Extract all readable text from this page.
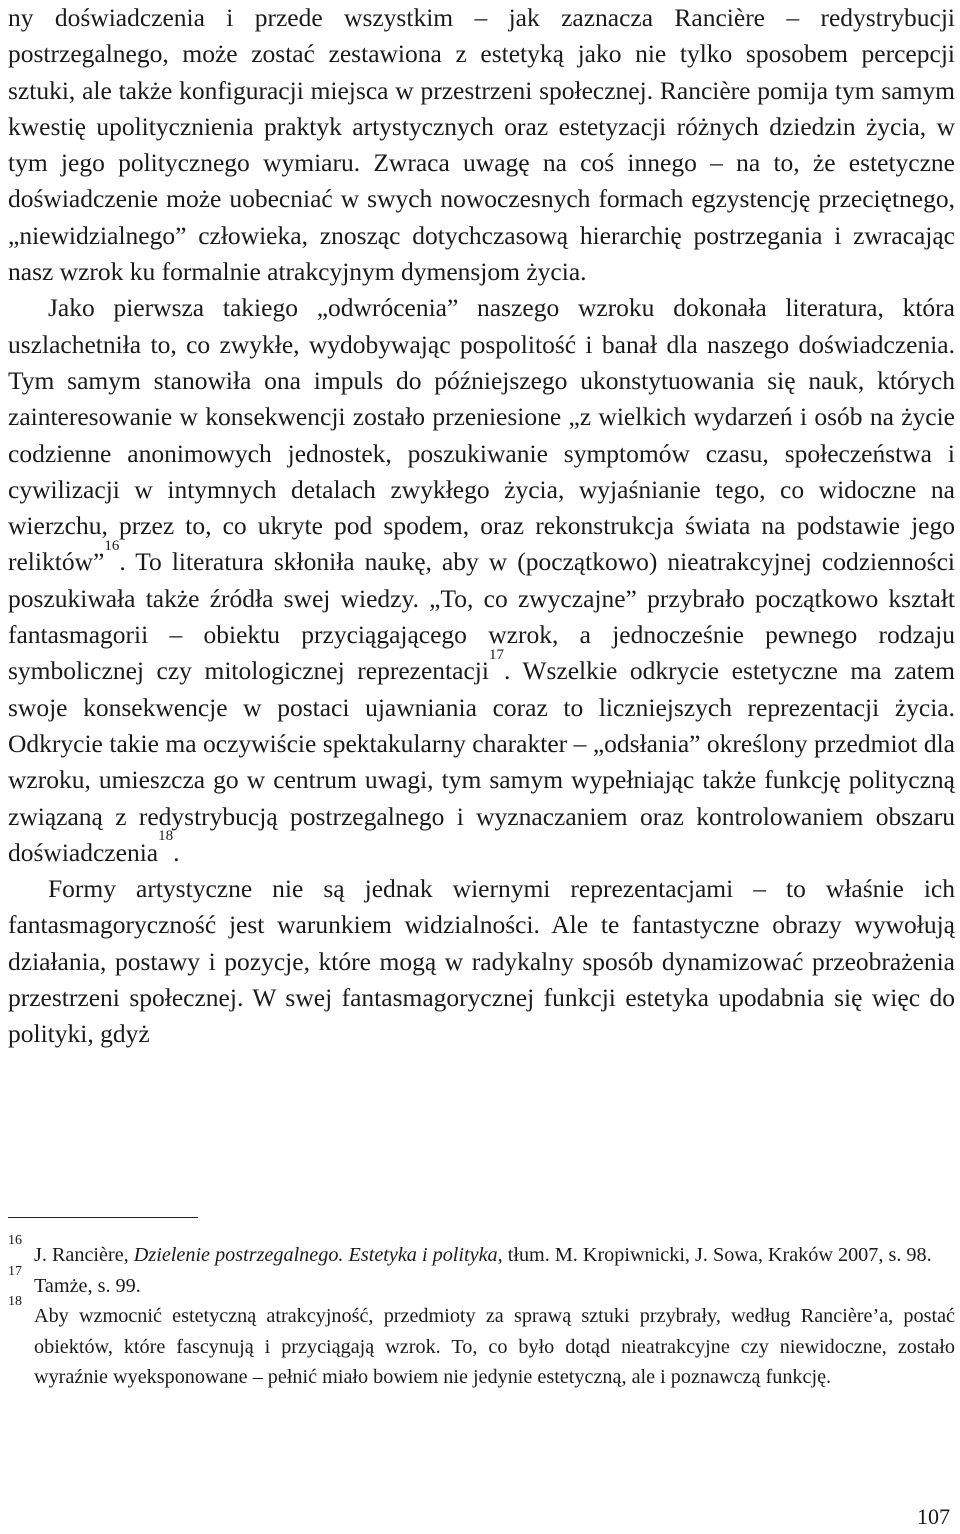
ny doświadczenia i przede wszystkim – jak zaznacza Rancière – redystrybucji postrzegalnego, może zostać zestawiona z estetyką jako nie tylko sposobem percepcji sztuki, ale także konfiguracji miejsca w przestrzeni społecznej. Rancière pomija tym samym kwestię upolitycznienia praktyk artystycznych oraz estetyzacji różnych dziedzin życia, w tym jego politycznego wymiaru. Zwraca uwagę na coś innego – na to, że estetyczne doświadczenie może uobecniać w swych nowoczesnych formach egzystencję przeciętnego, „niewidzialnego” człowieka, znosząc dotychczasową hierarchię postrzegania i zwracając nasz wzrok ku formalnie atrakcyjnym dymensjom życia.

Jako pierwsza takiego „odwrócenia” naszego wzroku dokonała literatura, która uszlachetniła to, co zwykłe, wydobywając pospolitość i banał dla naszego doświadczenia. Tym samym stanowiła ona impuls do późniejszego ukonstytuowania się nauk, których zainteresowanie w konsekwencji zostało przeniesione „z wielkich wydarzeń i osób na życie codzienne anonimowych jednostek, poszukiwanie symptomów czasu, społeczeństwa i cywilizacji w intymnych detalach zwykłego życia, wyjaśnianie tego, co widoczne na wierzchu, przez to, co ukryte pod spodem, oraz rekonstrukcja świata na podstawie jego reliktów”$^{16}$. To literatura skłoniła naukę, aby w (początkowo) nieatrakcyjnej codzienności poszukiwała także źródła swej wiedzy. „To, co zwyczajne” przybrało początkowo kształt fantasmagorii – obiektu przyciągającego wzrok, a jednocześnie pewnego rodzaju symbolicznej czy mitologicznej reprezentacji$^{17}$. Wszelkie odkrycie estetyczne ma zatem swoje konsekwencje w postaci ujawniania coraz to liczniejszych reprezentacji życia. Odkrycie takie ma oczywiście spektakularny charakter – „odsłania” określony przedmiot dla wzroku, umieszcza go w centrum uwagi, tym samym wypełniając także funkcję polityczną związaną z redystrybucją postrzegalnego i wyznaczaniem oraz kontrolowaniem obszaru doświadczenia$^{18}$.

Formy artystyczne nie są jednak wiernymi reprezentacjami – to właśnie ich fantasmagoryczność jest warunkiem widzialności. Ale te fantastyczne obrazy wywołują działania, postawy i pozycje, które mogą w radykalny sposób dynamizować przeobrażenia przestrzeni społecznej. W swej fantasmagorycznej funkcji estetyka upodabnia się więc do polityki, gdyż

16
J. Rancière, Dzielenie postrzegalnego. Estetyka i polityka, tłum. M. Kropiwnicki, J. Sowa, Kraków 2007, s. 98.

17
Tamże, s. 99.

18
Aby wzmocnić estetyczną atrakcyjność, przedmioty za sprawą sztuki przybrały, według Rancière’a, postać obiektów, które fascynują i przyciągają wzrok. To, co było dotąd nieatrakcyjne czy niewidoczne, zostało wyraźnie wyeksponowane – pełnić miało bowiem nie jedynie estetyczną, ale i poznawczą funkcję.

107
